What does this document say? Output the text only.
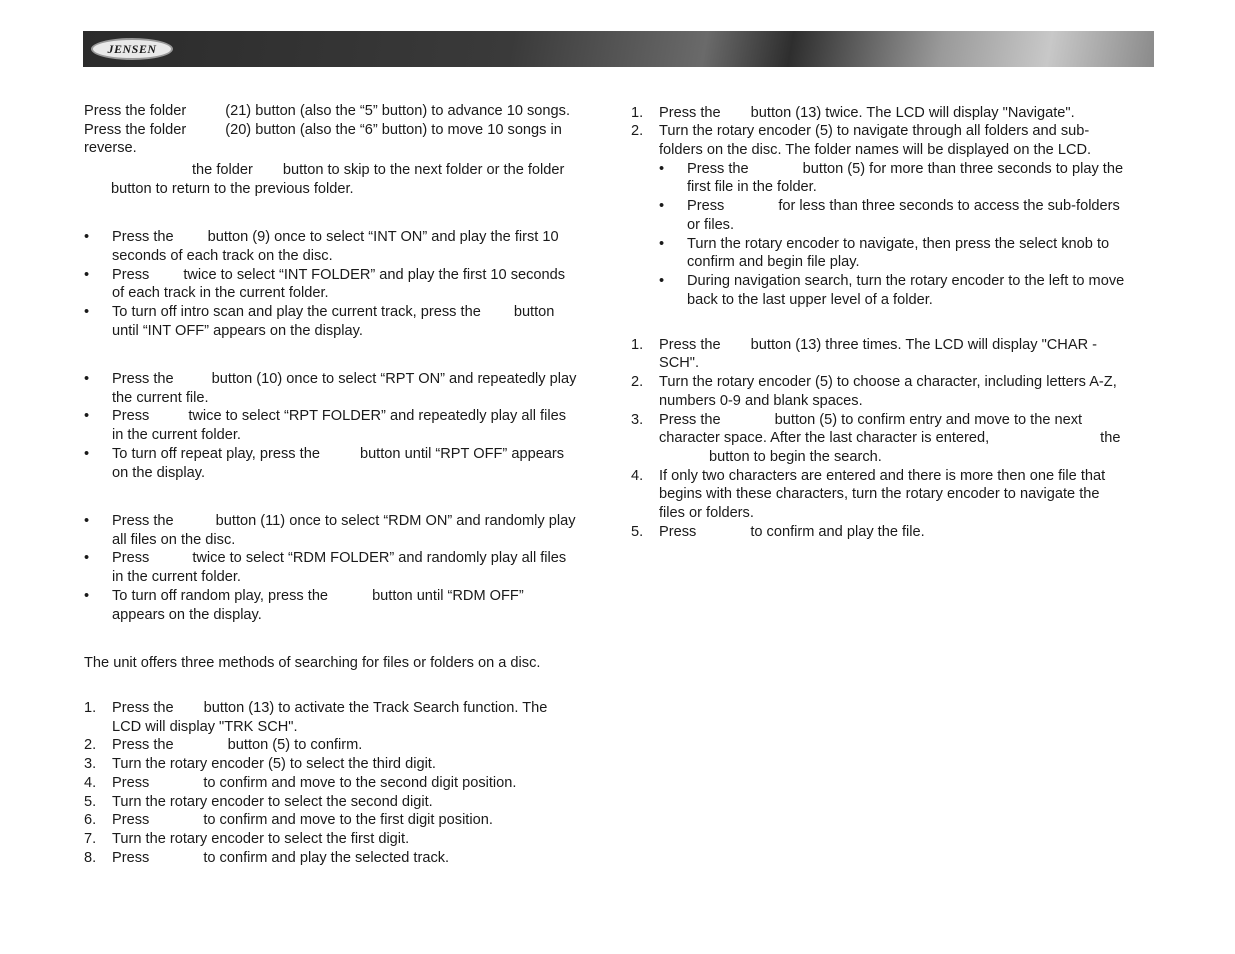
JENSEN
Press the folder	(21) button (also the “5” button) to advance 10 songs.
Press the folder	(20) button (also the “6” button) to move 10 songs in
reverse.
the folder button to skip to the next folder or the folder
button to return to the previous folder.
• Press the button (9) once to select “INT ON” and play the first 10
seconds of each track on the disc.
• Press twice to select “INT FOLDER” and play the first 10 seconds
of each track in the current folder.
• To turn off intro scan and play the current track, press the button
until “INT OFF” appears on the display.
• Press the	button (10) once to select “RPT ON” and repeatedly play
the current file.
• Press	twice to select “RPT FOLDER” and repeatedly play all files
in the current folder.
• To turn off repeat play, press the	button until “RPT OFF” appears
on the display.
• Press the	button (11) once to select “RDM ON” and randomly play
all files on the disc.
• Press	twice to select “RDM FOLDER” and randomly play all files
in the current folder.
• To turn off random play, press the	button until “RDM OFF”
appears on the display.
The unit offers three methods of searching for files or folders on a disc.
1. Press the button (13) to activate the Track Search function. The
LCD will display "TRK SCH".
2. Press the	button (5) to confirm.
3. Turn the rotary encoder (5) to select the third digit.
4. Press	to confirm and move to the second digit position.
5. Turn the rotary encoder to select the second digit.
6. Press	to confirm and move to the first digit position.
7. Turn the rotary encoder to select the first digit.
8. Press	to confirm and play the selected track.
1. Press the button (13) twice. The LCD will display "Navigate".
2. Turn the rotary encoder (5) to navigate through all folders and sub-
folders on the disc. The folder names will be displayed on the LCD.
• Press the	button (5) for more than three seconds to play the
first file in the folder.
• Press	for less than three seconds to access the sub-folders
or files.
• Turn the rotary encoder to navigate, then press the select knob to
confirm and begin file play.
• During navigation search, turn the rotary encoder to the left to move
back to the last upper level of a folder.
1. Press the button (13) three times. The LCD will display "CHAR -
SCH".
2. Turn the rotary encoder (5) to choose a character, including letters A-Z,
numbers 0-9 and blank spaces.
3. Press the	button (5) to confirm entry and move to the next
character space. After the last character is entered,	the
button to begin the search.
4. If only two characters are entered and there is more then one file that
begins with these characters, turn the rotary encoder to navigate the
files or folders.
5. Press	to confirm and play the file.
